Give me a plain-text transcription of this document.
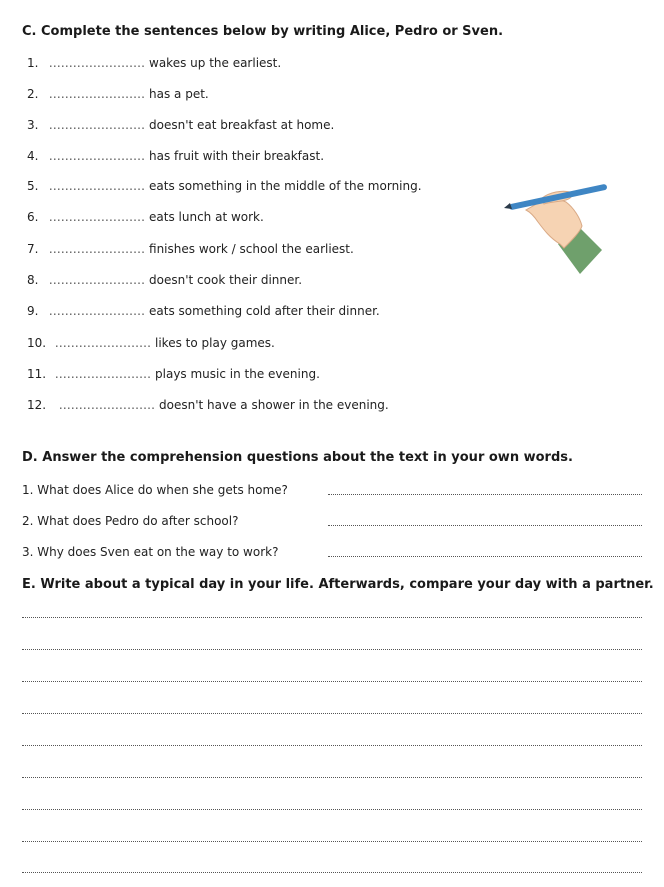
C. Complete the sentences below by writing Alice, Pedro or Sven.
1. ........................ wakes up the earliest.
2. ........................ has a pet.
3. ........................ doesn't eat breakfast at home.
4. ........................ has fruit with their breakfast.
5. ........................ eats something in the middle of the morning.
6. ........................ eats lunch at work.
7. ........................ finishes work / school the earliest.
8. ........................ doesn't cook their dinner.
9. ........................ eats something cold after their dinner.
10. ........................ likes to play games.
11. ........................ plays music in the evening.
12. ........................ doesn't have a shower in the evening.
D. Answer the comprehension questions about the text in your own words.
1. What does Alice do when she gets home?
2. What does Pedro do after school?
3. Why does Sven eat on the way to work?
E. Write about a typical day in your life. Afterwards, compare your day with a partner.
